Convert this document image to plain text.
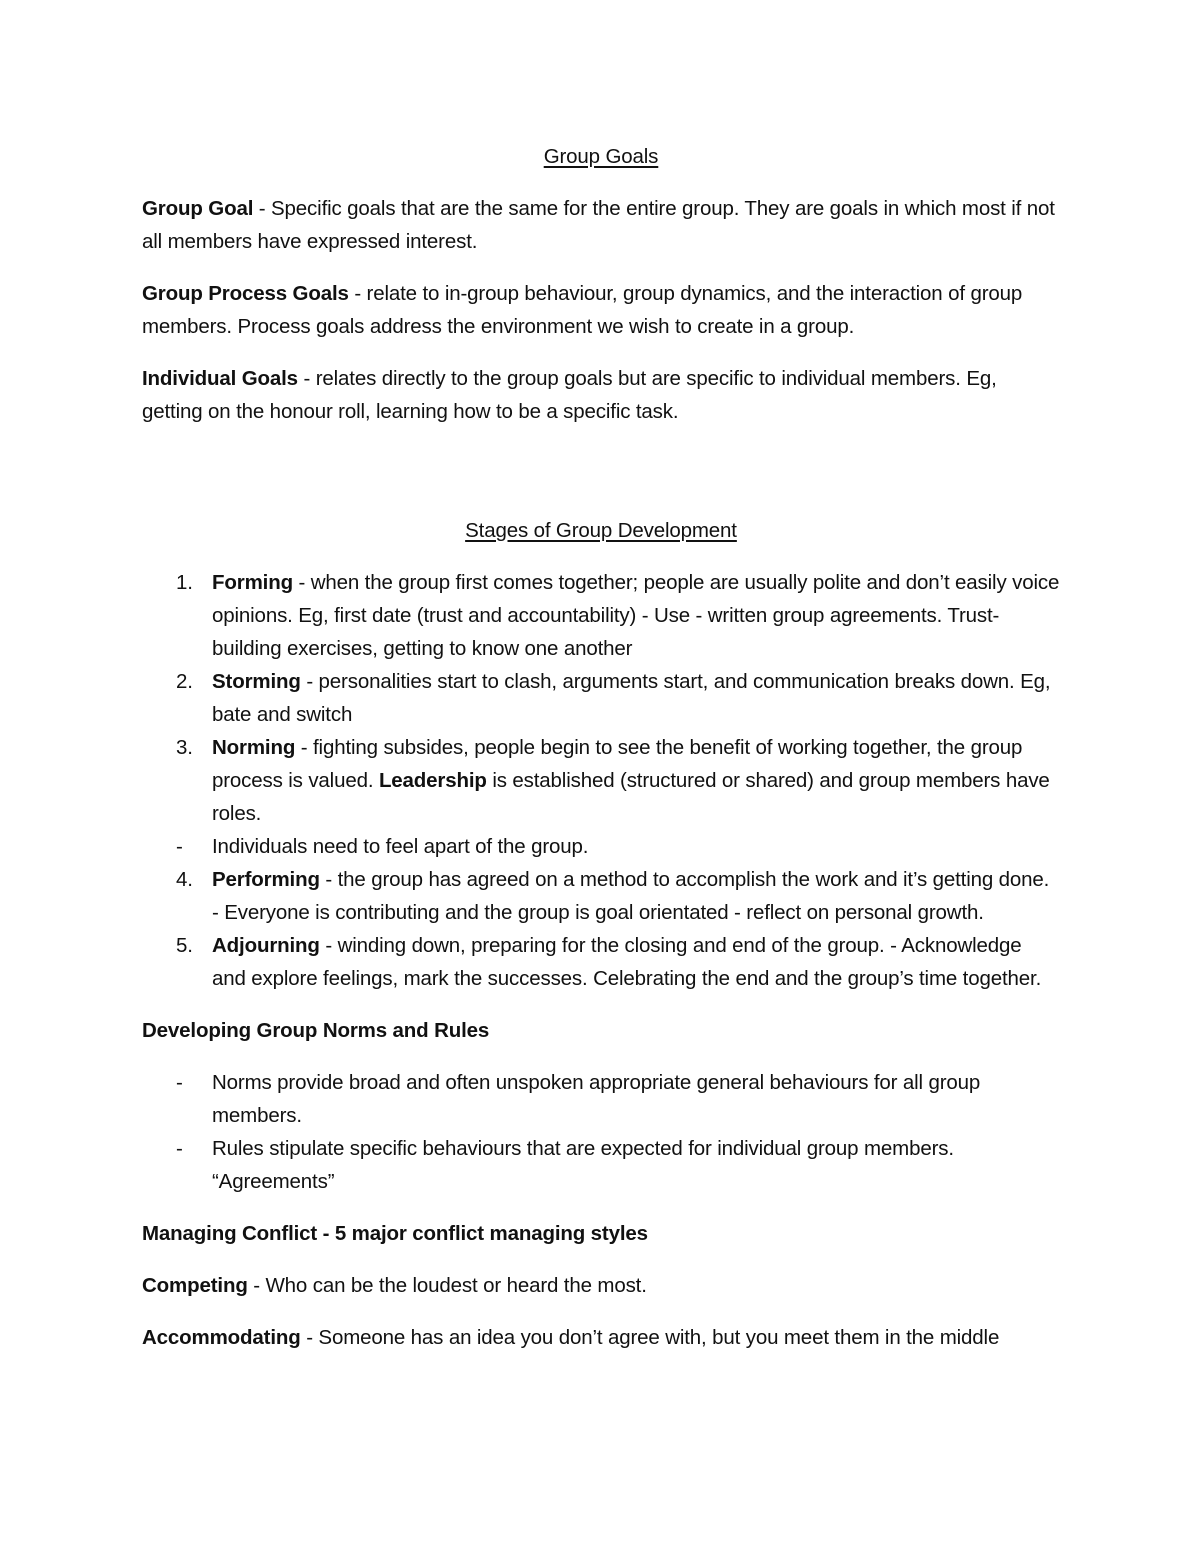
Group Goals

Group Goal - Specific goals that are the same for the entire group. They are goals in which most if not all members have expressed interest.

Group Process Goals - relate to in-group behaviour, group dynamics, and the interaction of group members. Process goals address the environment we wish to create in a group.

Individual Goals - relates directly to the group goals but are specific to individual members. Eg, getting on the honour roll, learning how to be a specific task.

Stages of Group Development

1. Forming - when the group first comes together; people are usually polite and don’t easily voice opinions. Eg, first date (trust and accountability) - Use - written group agreements. Trust-building exercises, getting to know one another
2. Storming - personalities start to clash, arguments start, and communication breaks down. Eg, bate and switch
3. Norming - fighting subsides, people begin to see the benefit of working together, the group process is valued. Leadership is established (structured or shared) and group members have roles.
- Individuals need to feel apart of the group.
4. Performing - the group has agreed on a method to accomplish the work and it’s getting done. - Everyone is contributing and the group is goal orientated - reflect on personal growth.
5. Adjourning - winding down, preparing for the closing and end of the group. - Acknowledge and explore feelings, mark the successes. Celebrating the end and the group’s time together.

Developing Group Norms and Rules

- Norms provide broad and often unspoken appropriate general behaviours for all group members.
- Rules stipulate specific behaviours that are expected for individual group members. “Agreements”

Managing Conflict - 5 major conflict managing styles

Competing - Who can be the loudest or heard the most.

Accommodating - Someone has an idea you don’t agree with, but you meet them in the middle
